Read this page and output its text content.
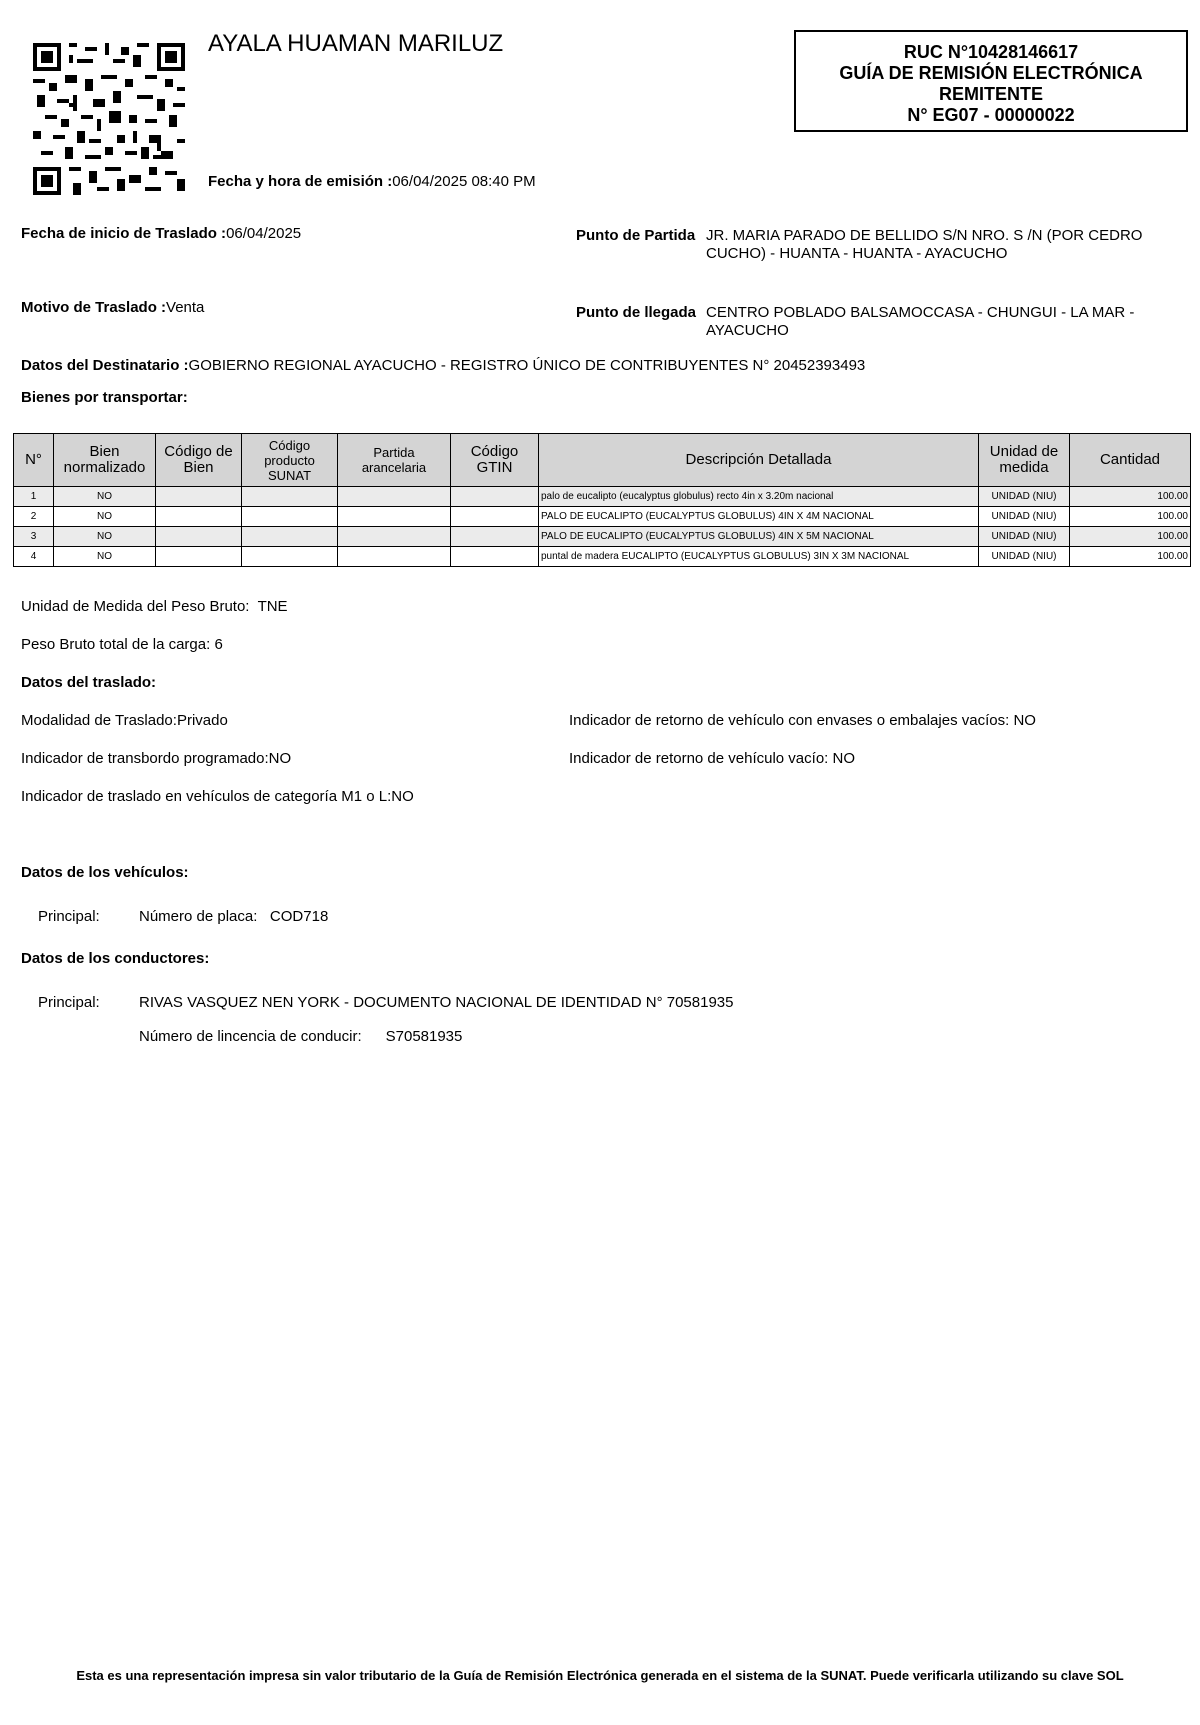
AYALA HUAMAN MARILUZ	RUC N°10428146617
GUÍA DE REMISIÓN ELECTRÓNICA
REMITENTE
N° EG07 - 00000022
Fecha y hora de emisión :06/04/2025 08:40 PM
Fecha de inicio de Traslado :06/04/2025	Punto de Partida JR. MARIA PARADO DE BELLIDO S/N NRO. S /N (POR CEDRO
CUCHO) - HUANTA - HUANTA - AYACUCHO
Motivo de Traslado :Venta	Punto de llegada CENTRO POBLADO BALSAMOCCASA - CHUNGUI - LA MAR -
AYACUCHO
Datos del Destinatario :GOBIERNO REGIONAL AYACUCHO - REGISTRO ÚNICO DE CONTRIBUYENTES N° 20452393493
Bienes por transportar:
N°	Bien normalizado	Código de Bien	Código producto SUNAT	Partida arancelaria	Código GTIN	Descripción Detallada	Unidad de medida	Cantidad
1	NO					palo de eucalipto (eucalyptus globulus) recto 4in x 3.20m nacional	UNIDAD (NIU)	100.00
2	NO					PALO DE EUCALIPTO (EUCALYPTUS GLOBULUS) 4IN X 4M NACIONAL	UNIDAD (NIU)	100.00
3	NO					PALO DE EUCALIPTO (EUCALYPTUS GLOBULUS) 4IN X 5M NACIONAL	UNIDAD (NIU)	100.00
4	NO					puntal de madera EUCALIPTO (EUCALYPTUS GLOBULUS) 3IN X 3M NACIONAL	UNIDAD (NIU)	100.00
Unidad de Medida del Peso Bruto: TNE
Peso Bruto total de la carga: 6
Datos del traslado:
Modalidad de Traslado:Privado	Indicador de retorno de vehículo con envases o embalajes vacíos: NO
Indicador de transbordo programado:NO	Indicador de retorno de vehículo vacío: NO
Indicador de traslado en vehículos de categoría M1 o L:NO
Datos de los vehículos:
Principal:	Número de placa: COD718
Datos de los conductores:
Principal:	RIVAS VASQUEZ NEN YORK - DOCUMENTO NACIONAL DE IDENTIDAD N° 70581935
Número de lincencia de conducir: S70581935
Esta es una representación impresa sin valor tributario de la Guía de Remisión Electrónica generada en el sistema de la SUNAT. Puede verificarla utilizando su clave SOL
